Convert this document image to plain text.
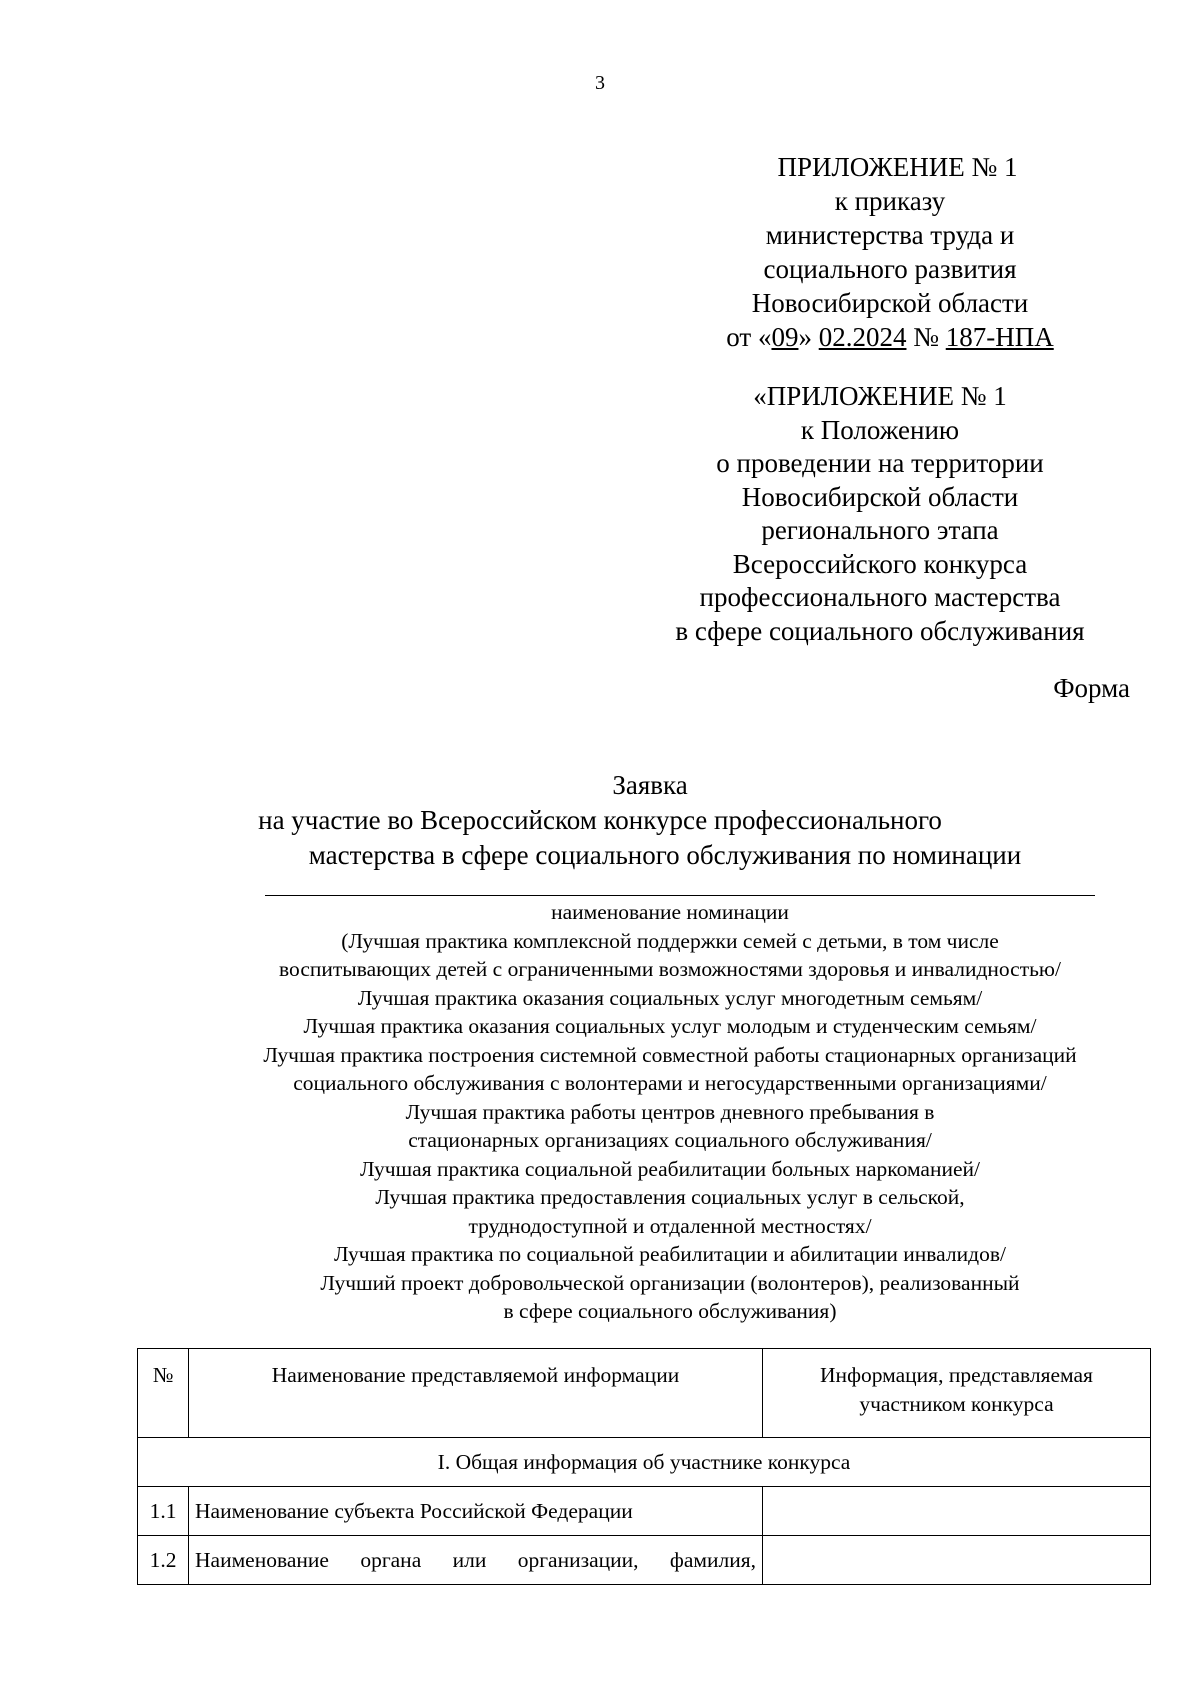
3
ПРИЛОЖЕНИЕ № 1
к приказу
министерства труда и
социального развития
Новосибирской области
от «09» 02.2024 № 187-НПА
«ПРИЛОЖЕНИЕ № 1
к Положению
о проведении на территории
Новосибирской области
регионального этапа
Всероссийского конкурса
профессионального мастерства
в сфере социального обслуживания
Форма
Заявка
на участие во Всероссийском конкурсе профессионального
мастерства в сфере социального обслуживания по номинации
наименование номинации
(Лучшая практика комплексной поддержки семей с детьми, в том числе
воспитывающих детей с ограниченными возможностями здоровья и инвалидностью/
Лучшая практика оказания социальных услуг многодетным семьям/
Лучшая практика оказания социальных услуг молодым и студенческим семьям/
Лучшая практика построения системной совместной работы стационарных организаций
социального обслуживания с волонтерами и негосударственными организациями/
Лучшая практика работы центров дневного пребывания в
стационарных организациях социального обслуживания/
Лучшая практика социальной реабилитации больных наркоманией/
Лучшая практика предоставления социальных услуг в сельской,
труднодоступной и отдаленной местностях/
Лучшая практика по социальной реабилитации и абилитации инвалидов/
Лучший проект добровольческой организации (волонтеров), реализованный
в сфере социального обслуживания)
№	Наименование представляемой информации	Информация, представляемая
участником конкурса

I. Общая информация об участнике конкурса		
1.1	Наименование субъекта Российской Федерации	
1.2	Наименование органа или организации, фамилия,	
